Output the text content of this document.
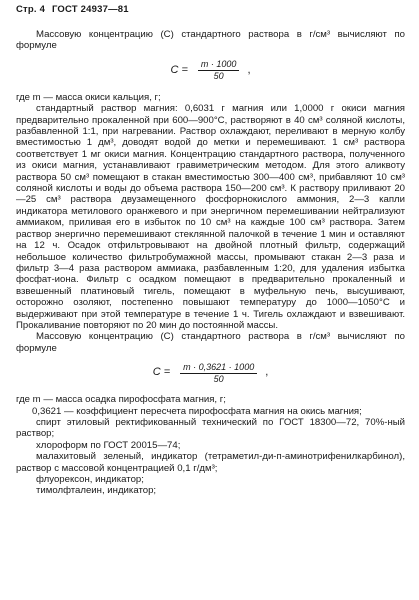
Стр. 4 ГОСТ 24937—81

Массовую концентрацию (С) стандартного раствора в г/см³ вычисляют по формуле

$C = \frac{m \cdot 1000}{50}$ ,

где m — масса окиси кальция, г;

стандартный раствор магния: 0,6031 г магния или 1,0000 г окиси магния предварительно прокаленной при 600—900°С, растворяют в 40 см³ соляной кислоты, разбавленной 1:1, при нагревании. Раствор охлаждают, переливают в мерную колбу вместимостью 1 дм³, доводят водой до метки и перемешивают. 1 см³ раствора соответствует 1 мг окиси магния. Концентрацию стандартного раствора, полученного из окиси магния, устанавливают гравиметрическим методом. Для этого аликвоту раствора 50 см³ помещают в стакан вместимостью 300—400 см³, прибавляют 10 см³ соляной кислоты и воды до объема раствора 150—200 см³. К раствору приливают 20—25 см³ раствора двузамещенного фосфорнокислого аммония, 2—3 капли индикатора метилового оранжевого и при энергичном перемешивании нейтрализуют аммиаком, приливая его в избыток по 10 см³ на каждые 100 см³ раствора. Затем раствор энергично перемешивают стеклянной палочкой в течение 1 мин и оставляют на 12 ч. Осадок отфильтровывают на двойной плотный фильтр, содержащий небольшое количество фильтробумажной массы, промывают стакан 2—3 раза и фильтр 3—4 раза раствором аммиака, разбавленным 1:20, для удаления избытка фосфат-иона. Фильтр с осадком помещают в предварительно прокаленный и взвешенный платиновый тигель, помещают в муфельную печь, высушивают, осторожно озоляют, постепенно повышают температуру до 1000—1050°С и выдерживают при этой температуре в течение 1 ч. Тигель охлаждают и взвешивают. Прокаливание повторяют по 20 мин до постоянной массы.

Массовую концентрацию (С) стандартного раствора в г/см³ вычисляют по формуле

$C = \frac{m \cdot 0,3621 \cdot 1000}{50}$ ,

где m — масса осадка пирофосфата магния, г;

0,3621 — коэффициент пересчета пирофосфата магния на окись магния;

спирт этиловый ректификованный технический по ГОСТ 18300—72, 70%-ный раствор;

хлороформ по ГОСТ 20015—74;

малахитовый зеленый, индикатор (тетраметил-ди-п-аминотрифенилкарбинол), раствор с массовой концентрацией 0,1 г/дм³;

флуорексон, индикатор;

тимолфталеин, индикатор;
